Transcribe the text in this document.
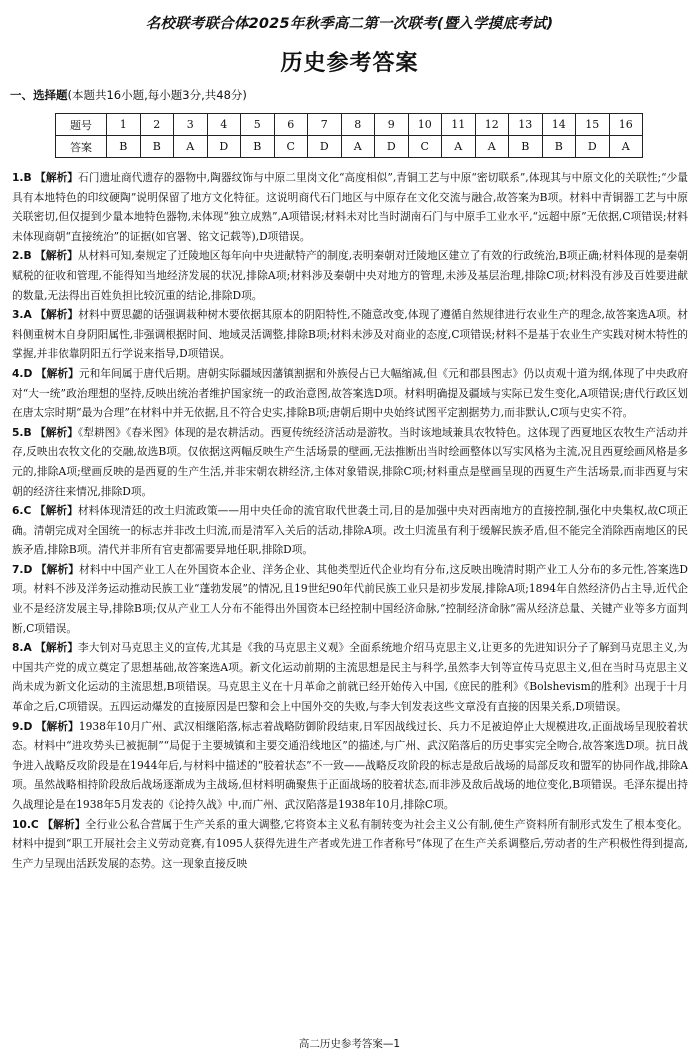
名校联考联合体2025年秋季高二第一次联考(暨入学摸底考试)
历史参考答案
一、选择题(本题共16小题,每小题3分,共48分)
题号	1	2	3	4	5	6	7	8	9	10	11	12	13	14	15	16
答案	B	B	A	D	B	C	D	A	D	C	A	A	B	B	D	A
1.B 【解析】石门遗址商代遗存的器物中,陶器纹饰与中原二里岗文化“高度相似”,青铜工艺与中原“密切联系”,体现其与中原文化的关联性;“少量具有本地特色的印纹硬陶”说明保留了地方文化特征。这说明商代石门地区与中原存在文化交流与融合,故答案为B项。材料中青铜器工艺与中原关联密切,但仅提到少量本地特色器物,未体现“独立成熟”,A项错误;材料未对比当时湖南石门与中原手工业水平,“远超中原”无依据,C项错误;材料未体现商朝“直接统治”的证据(如官署、铭文记载等),D项错误。
2.B 【解析】从材料可知,秦规定了迁陵地区每年向中央进献特产的制度,表明秦朝对迁陵地区建立了有效的行政统治,B项正确;材料体现的是秦朝赋税的征收和管理,不能得知当地经济发展的状况,排除A项;材料涉及秦朝中央对地方的管理,未涉及基层治理,排除C项;材料没有涉及百姓要进献的数量,无法得出百姓负担比较沉重的结论,排除D项。
3.A 【解析】材料中贾思勰的话强调栽种树木要依据其原本的阴阳特性,不随意改变,体现了遵循自然规律进行农业生产的理念,故答案选A项。材料侧重树木自身阴阳属性,非强调根据时间、地域灵活调整,排除B项;材料未涉及对商业的态度,C项错误;材料不是基于农业生产实践对树木特性的掌握,并非依靠阴阳五行学说来指导,D项错误。
4.D 【解析】元和年间属于唐代后期。唐朝实际疆域因藩镇割据和外族侵占已大幅缩减,但《元和郡县图志》仍以贞观十道为纲,体现了中央政府对“大一统”政治理想的坚持,反映出统治者维护国家统一的政治意图,故答案选D项。材料明确提及疆域与实际已发生变化,A项错误;唐代行政区划在唐太宗时期“最为合理”在材料中并无依据,且不符合史实,排除B项;唐朝后期中央始终试图平定割据势力,而非默认,C项与史实不符。
5.B 【解析】《犁耕图》《春米图》体现的是农耕活动。西夏传统经济活动是游牧。当时该地域兼具农牧特色。这体现了西夏地区农牧生产活动并存,反映出农牧文化的交融,故选B项。仅依据这两幅反映生产生活场景的壁画,无法推断出当时绘画整体以写实风格为主流,况且西夏绘画风格是多元的,排除A项;壁画反映的是西夏的生产生活,并非宋朝农耕经济,主体对象错误,排除C项;材料重点是壁画呈现的西夏生产生活场景,而非西夏与宋朝的经济往来情况,排除D项。
6.C 【解析】材料体现清廷的改土归流政策——用中央任命的流官取代世袭土司,目的是加强中央对西南地方的直接控制,强化中央集权,故C项正确。清朝完成对全国统一的标志并非改土归流,而是清军入关后的活动,排除A项。改土归流虽有利于缓解民族矛盾,但不能完全消除西南地区的民族矛盾,排除B项。清代并非所有官吏都需要异地任职,排除D项。
7.D 【解析】材料中中国产业工人在外国资本企业、洋务企业、其他类型近代企业均有分布,这反映出晚清时期产业工人分布的多元性,答案选D项。材料不涉及洋务运动推动民族工业“蓬勃发展”的情况,且19世纪90年代前民族工业只是初步发展,排除A项;1894年自然经济仍占主导,近代企业不是经济发展主导,排除B项;仅从产业工人分布不能得出外国资本已经控制中国经济命脉,“控制经济命脉”需从经济总量、关键产业等多方面判断,C项错误。
8.A 【解析】李大钊对马克思主义的宣传,尤其是《我的马克思主义观》全面系统地介绍马克思主义,让更多的先进知识分子了解到马克思主义,为中国共产党的成立奠定了思想基础,故答案选A项。新文化运动前期的主流思想是民主与科学,虽然李大钊等宣传马克思主义,但在当时马克思主义尚未成为新文化运动的主流思想,B项错误。马克思主义在十月革命之前就已经开始传入中国,《庶民的胜利》《Bolshevism的胜利》出现于十月革命之后,C项错误。五四运动爆发的直接原因是巴黎和会上中国外交的失败,与李大钊发表这些文章没有直接的因果关系,D项错误。
9.D 【解析】1938年10月广州、武汉相继陷落,标志着战略防御阶段结束,日军因战线过长、兵力不足被迫停止大规模进攻,正面战场呈现胶着状态。材料中“进攻势头已被扼制”“局促于主要城镇和主要交通沿线地区”的描述,与广州、武汉陷落后的历史事实完全吻合,故答案选D项。抗日战争进入战略反攻阶段是在1944年后,与材料中描述的“胶着状态”不一致——战略反攻阶段的标志是敌后战场的局部反攻和盟军的协同作战,排除A项。虽然战略相持阶段敌后战场逐渐成为主战场,但材料明确聚焦于正面战场的胶着状态,而非涉及敌后战场的地位变化,B项错误。毛泽东提出持久战理论是在1938年5月发表的《论持久战》中,而广州、武汉陷落是1938年10月,排除C项。
10.C 【解析】全行业公私合营属于生产关系的重大调整,它将资本主义私有制转变为社会主义公有制,使生产资料所有制形式发生了根本变化。材料中提到“职工开展社会主义劳动竞赛,有1095人获得先进生产者或先进工作者称号”体现了在生产关系调整后,劳动者的生产积极性得到提高,生产力呈现出活跃发展的态势。这一现象直接反映
高二历史参考答案—1
